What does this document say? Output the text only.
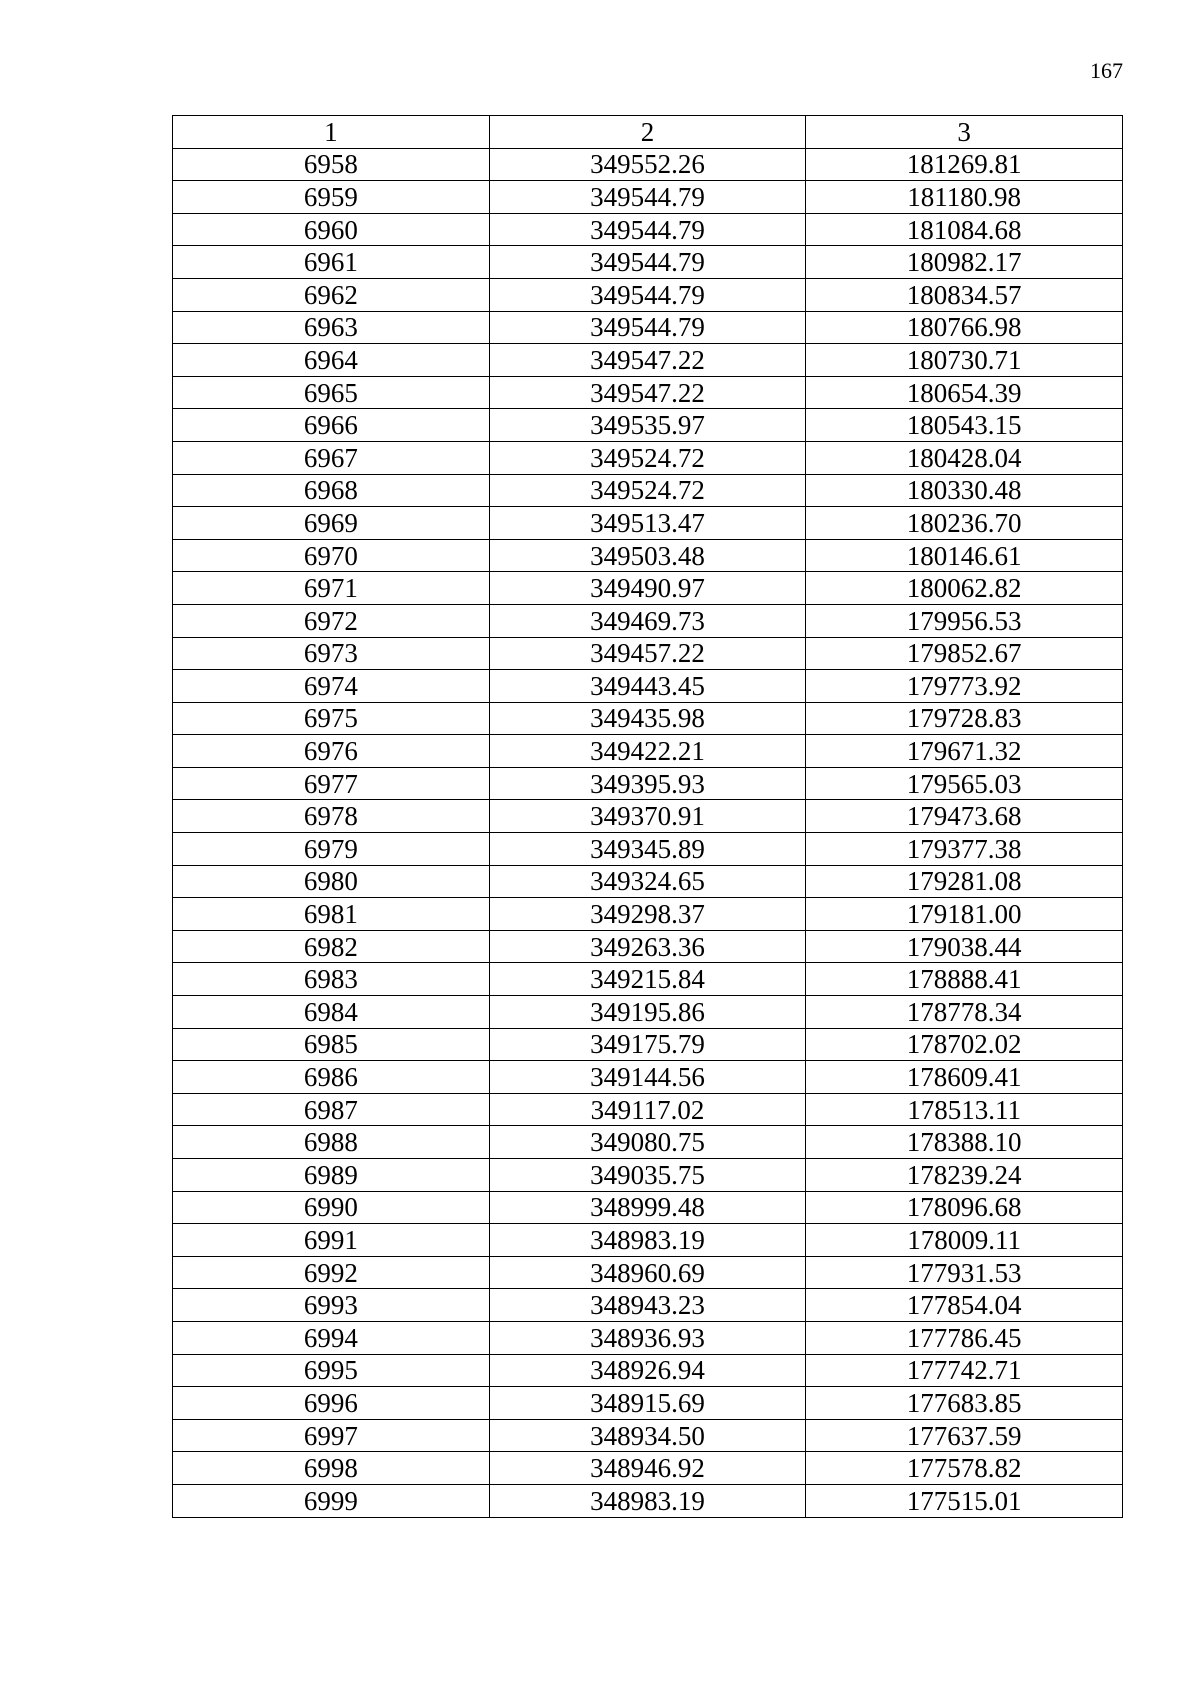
167
1	2	3
6958	349552.26	181269.81
6959	349544.79	181180.98
6960	349544.79	181084.68
6961	349544.79	180982.17
6962	349544.79	180834.57
6963	349544.79	180766.98
6964	349547.22	180730.71
6965	349547.22	180654.39
6966	349535.97	180543.15
6967	349524.72	180428.04
6968	349524.72	180330.48
6969	349513.47	180236.70
6970	349503.48	180146.61
6971	349490.97	180062.82
6972	349469.73	179956.53
6973	349457.22	179852.67
6974	349443.45	179773.92
6975	349435.98	179728.83
6976	349422.21	179671.32
6977	349395.93	179565.03
6978	349370.91	179473.68
6979	349345.89	179377.38
6980	349324.65	179281.08
6981	349298.37	179181.00
6982	349263.36	179038.44
6983	349215.84	178888.41
6984	349195.86	178778.34
6985	349175.79	178702.02
6986	349144.56	178609.41
6987	349117.02	178513.11
6988	349080.75	178388.10
6989	349035.75	178239.24
6990	348999.48	178096.68
6991	348983.19	178009.11
6992	348960.69	177931.53
6993	348943.23	177854.04
6994	348936.93	177786.45
6995	348926.94	177742.71
6996	348915.69	177683.85
6997	348934.50	177637.59
6998	348946.92	177578.82
6999	348983.19	177515.01
